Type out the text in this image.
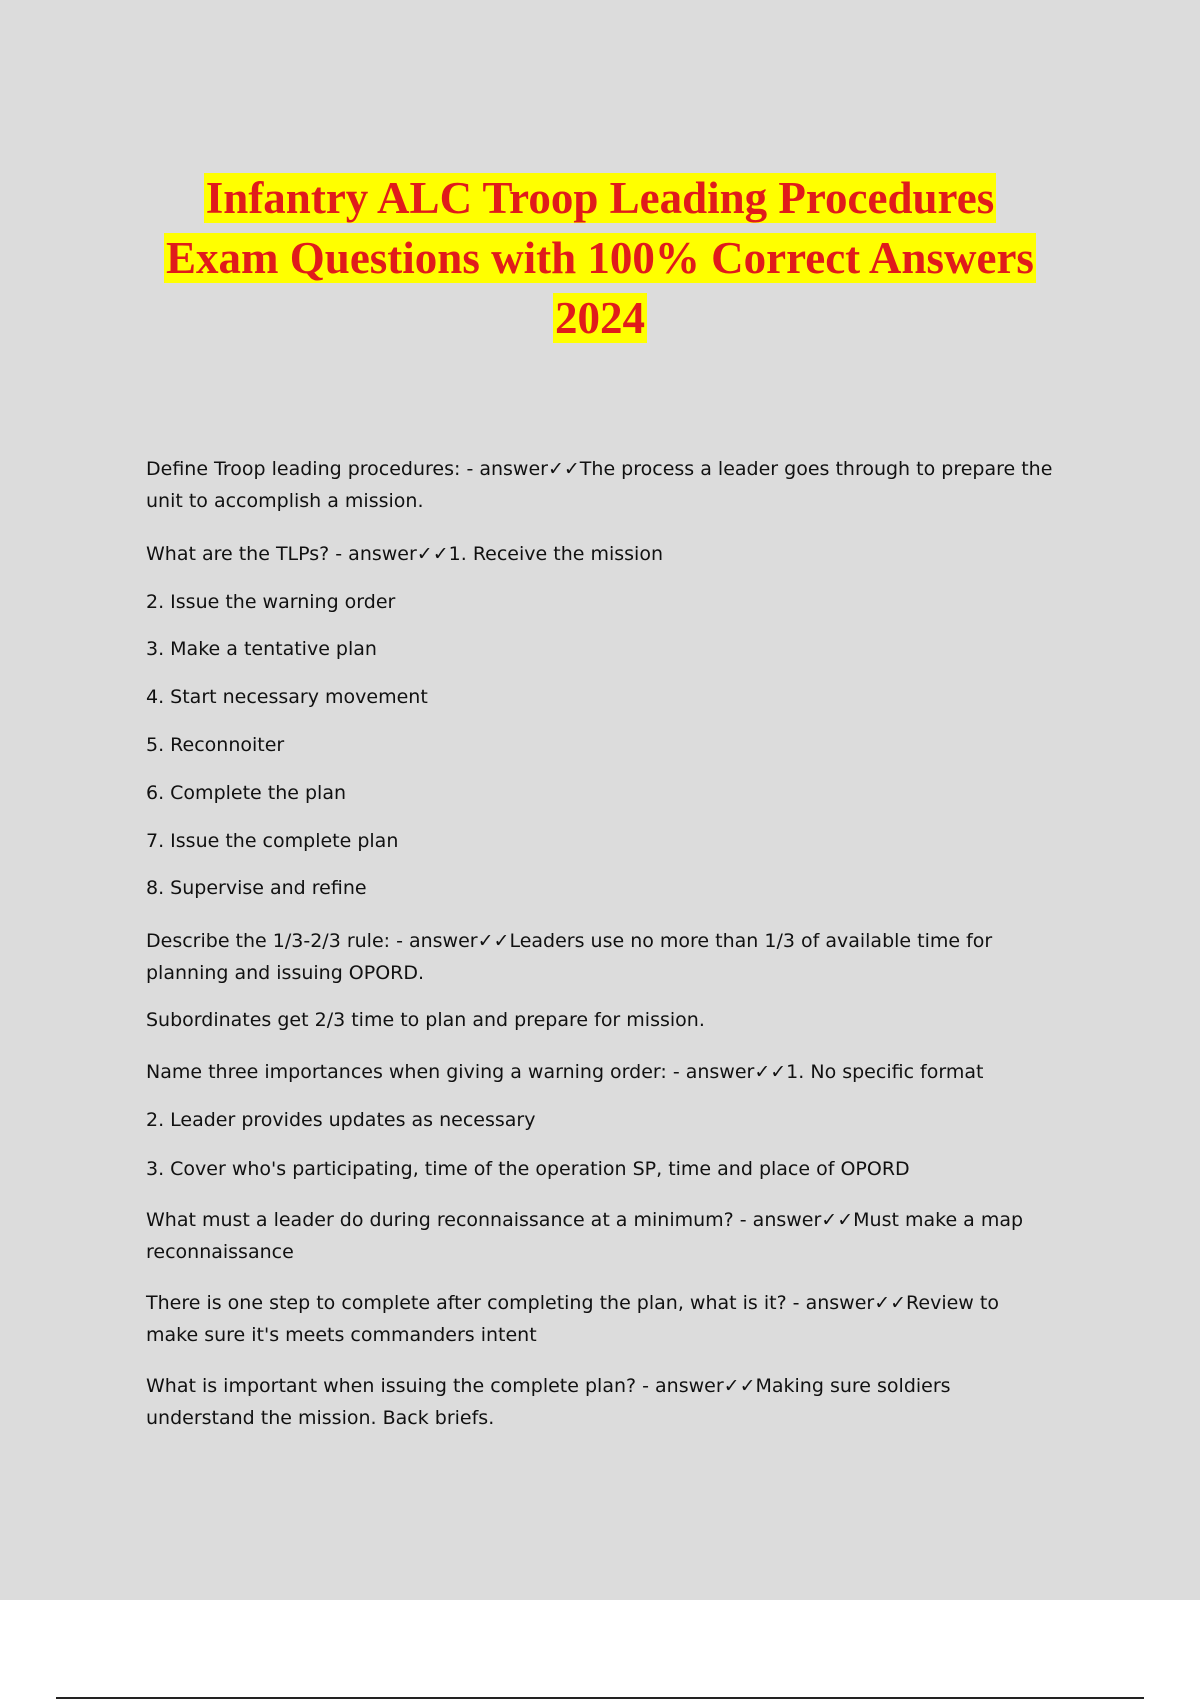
Infantry ALC Troop Leading Procedures
Exam Questions with 100% Correct Answers
2024
Define Troop leading procedures: - answer✓✓The process a leader goes through to prepare the
unit to accomplish a mission.
What are the TLPs? - answer✓✓1. Receive the mission
2. Issue the warning order
3. Make a tentative plan
4. Start necessary movement
5. Reconnoiter
6. Complete the plan
7. Issue the complete plan
8. Supervise and refine
Describe the 1/3-2/3 rule: - answer✓✓Leaders use no more than 1/3 of available time for
planning and issuing OPORD.
Subordinates get 2/3 time to plan and prepare for mission.
Name three importances when giving a warning order: - answer✓✓1. No specific format
2. Leader provides updates as necessary
3. Cover who's participating, time of the operation SP, time and place of OPORD
What must a leader do during reconnaissance at a minimum? - answer✓✓Must make a map
reconnaissance
There is one step to complete after completing the plan, what is it? - answer✓✓Review to
make sure it's meets commanders intent
What is important when issuing the complete plan? - answer✓✓Making sure soldiers
understand the mission. Back briefs.
